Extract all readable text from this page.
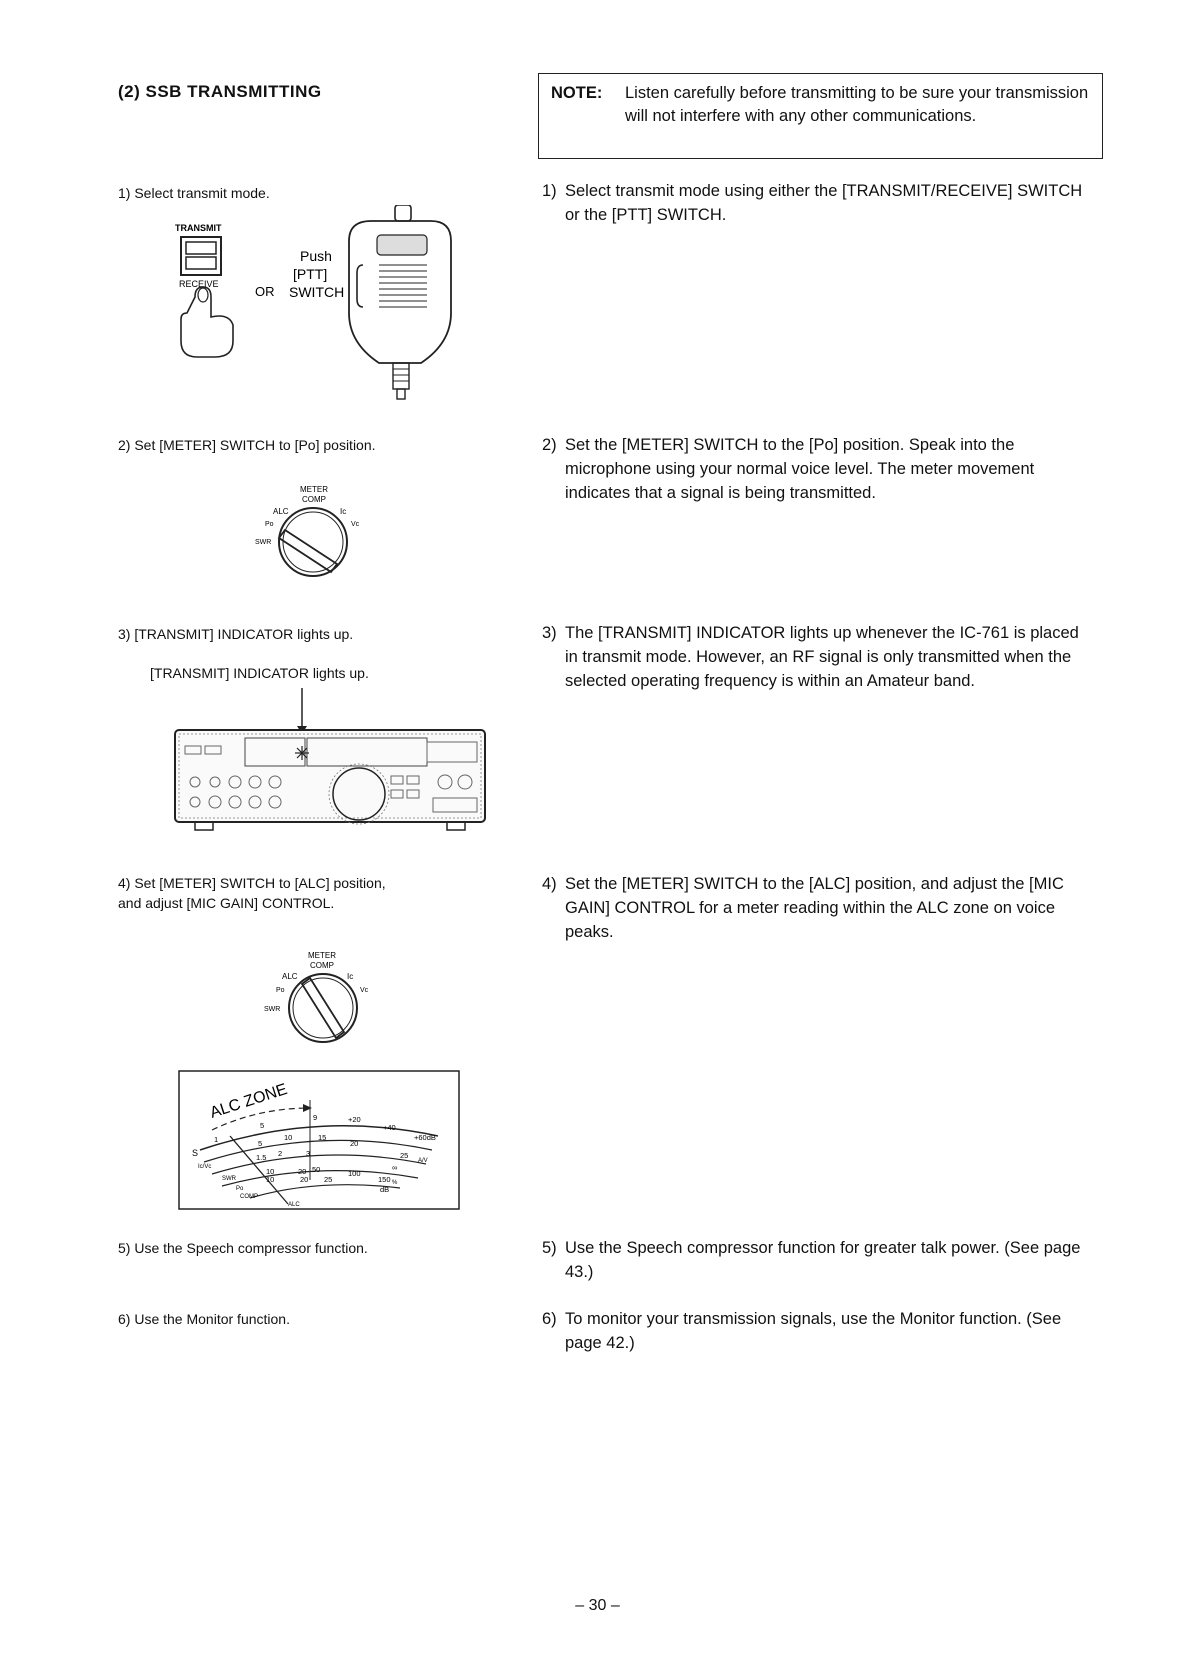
(2) SSB TRANSMITTING	NOTE: Listen carefully before transmitting to be sure your transmission will not interfere with any other communications.
1) Select transmit mode.
2) Set [METER] SWITCH to [Po] position.
3) [TRANSMIT] INDICATOR lights up.
4) Set [METER] SWITCH to [ALC] position, and adjust [MIC GAIN] CONTROL.
5) Use the Speech compressor function.
6) Use the Monitor function.
1) Select transmit mode using either the [TRANSMIT/RECEIVE] SWITCH or the [PTT] SWITCH.
2) Set the [METER] SWITCH to the [Po] position. Speak into the microphone using your normal voice level. The meter movement indicates that a signal is being transmitted.
3) The [TRANSMIT] INDICATOR lights up whenever the IC-761 is placed in transmit mode. However, an RF signal is only transmitted when the selected operating frequency is within an Amateur band.
4) Set the [METER] SWITCH to the [ALC] position, and adjust the [MIC GAIN] CONTROL for a meter reading within the ALC zone on voice peaks.
5) Use the Speech compressor function for greater talk power. (See page 43.)
6) To monitor your transmission signals, use the Monitor function. (See page 42.)
TRANSMIT
RECEIVE	OR
Push
[PTT]
SWITCH
METER
COMP
ALC	Ic
Po	Vc
SWR
[TRANSMIT] INDICATOR lights up.
METER
COMP
ALC	Ic
Po	Vc
SWR
ALC ZONE
S
1
5
9	+20
+40
+60dB
5
10	15
20
25
1.5 2	3
∞
10	20 50	100
150
10	20 25
dB
Ic/Vc
SWR
Po
COMP
ALC
A/V
%
– 30 –
